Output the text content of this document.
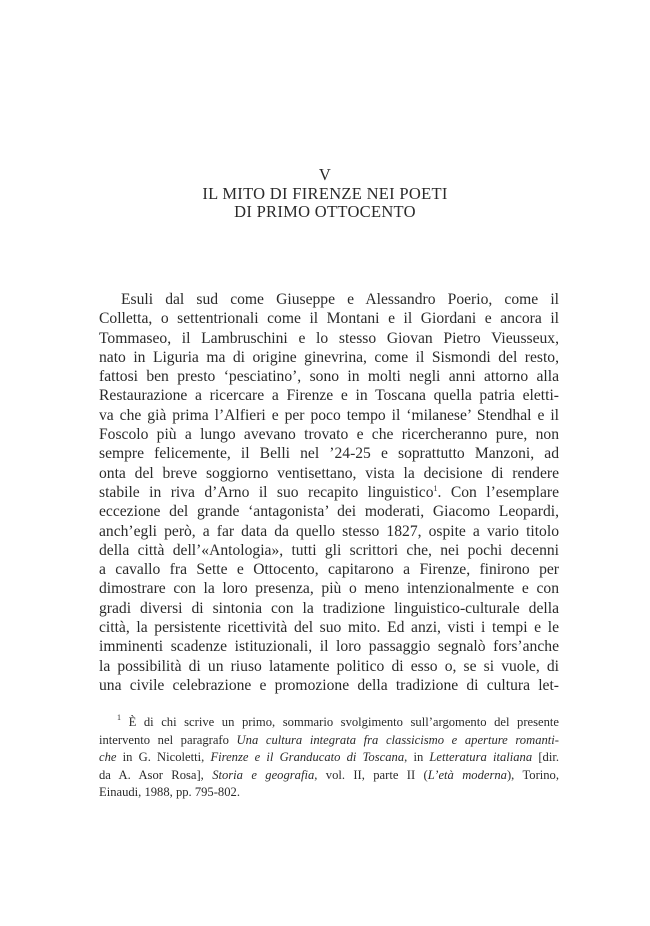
V
IL MITO DI FIRENZE NEI POETI
DI PRIMO OTTOCENTO
Esuli dal sud come Giuseppe e Alessandro Poerio, come il
Colletta, o settentrionali come il Montani e il Giordani e ancora il
Tommaseo, il Lambruschini e lo stesso Giovan Pietro Vieusseux,
nato in Liguria ma di origine ginevrina, come il Sismondi del resto,
fattosi ben presto ‘pesciatino’, sono in molti negli anni attorno alla
Restaurazione a ricercare a Firenze e in Toscana quella patria eletti-
va che già prima l’Alfieri e per poco tempo il ‘milanese’ Stendhal e il
Foscolo più a lungo avevano trovato e che ricercheranno pure, non
sempre felicemente, il Belli nel ’24-25 e soprattutto Manzoni, ad
onta del breve soggiorno ventisettano, vista la decisione di rendere
stabile in riva d’Arno il suo recapito linguistico$^1$. Con l’esemplare
eccezione del grande ‘antagonista’ dei moderati, Giacomo Leopardi,
anch’egli però, a far data da quello stesso 1827, ospite a vario titolo
della città dell’«Antologia», tutti gli scrittori che, nei pochi decenni
a cavallo fra Sette e Ottocento, capitarono a Firenze, finirono per
dimostrare con la loro presenza, più o meno intenzionalmente e con
gradi diversi di sintonia con la tradizione linguistico-culturale della
città, la persistente ricettività del suo mito. Ed anzi, visti i tempi e le
imminenti scadenze istituzionali, il loro passaggio segnalò fors’anche
la possibilità di un riuso latamente politico di esso o, se si vuole, di
una civile celebrazione e promozione della tradizione di cultura let-
$^1$ È di chi scrive un primo, sommario svolgimento sull’argomento del presente
intervento nel paragrafo Una cultura integrata fra classicismo e aperture romanti-
che in G. Nicoletti, Firenze e il Granducato di Toscana, in Letteratura italiana [dir.
da A. Asor Rosa], Storia e geografia, vol. II, parte II (L’età moderna), Torino,
Einaudi, 1988, pp. 795-802.
